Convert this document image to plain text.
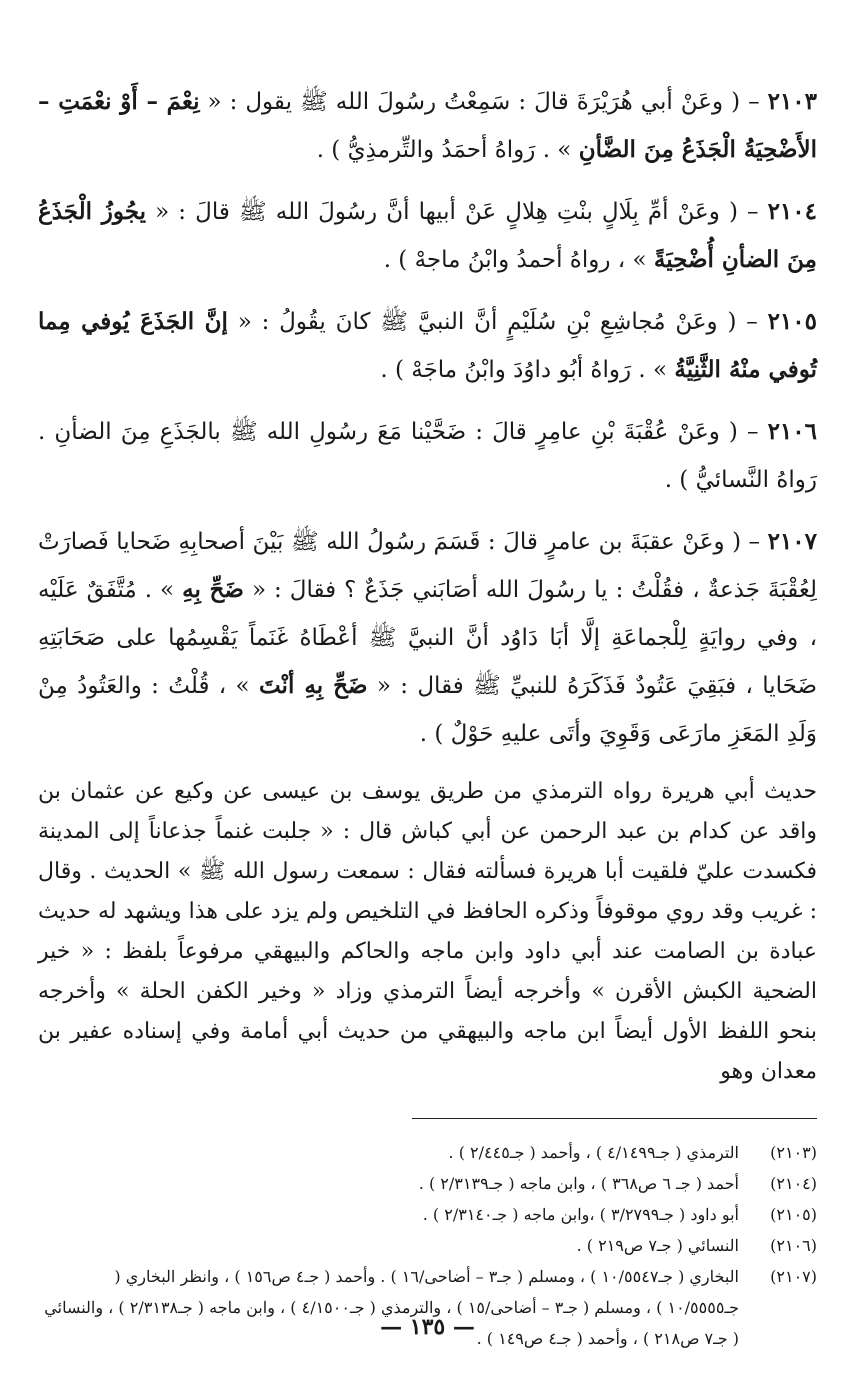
٢١٠٣ – ( وعَنْ أبي هُرَيْرَةَ قالَ : سَمِعْتُ رسُولَ الله ﷺ يقول : « نِعْمَ – أَوْ نعْمَتِ – الأَضْحِيَةُ الْجَذَعُ مِنَ الضَّأنِ » . رَواهُ أحمَدُ والتِّرمذِيُّ ) .

٢١٠٤ – ( وعَنْ أمِّ بِلَالٍ بنْتِ هِلالٍ عَنْ أبيها أنَّ رسُولَ الله ﷺ قالَ : « يجُوزُ الْجَذَعُ مِنَ الضأنِ أُضْحِيَةً » ، رواهُ أحمدُ وابْنُ ماجهْ ) .

٢١٠٥ – ( وعَنْ مُجاشِعِ بْنِ سُلَيْمٍ أنَّ النبيَّ ﷺ كانَ يقُولُ : « إنَّ الجَذَعَ يُوفي مِما تُوفي منْهُ الثَّنِيَّةُ » . رَواهُ أبُو داوُدَ وابْنُ ماجَهْ ) .

٢١٠٦ – ( وعَنْ عُقْبَةَ بْنِ عامِرٍ قالَ : ضَحَّيْنا مَعَ رسُولِ الله ﷺ بالجَذَعِ مِنَ الضأنِ . رَواهُ النَّسائيُّ ) .

٢١٠٧ – ( وعَنْ عقبَةَ بن عامرٍ قالَ : قَسَمَ رسُولُ الله ﷺ بَيْنَ أصحابِهِ ضَحايا فَصارَتْ لِعُقْبَةَ جَذعةٌ ، فقُلْتُ : يا رسُولَ الله أصَابَني جَذَعٌ ؟ فقالَ : « ضَحِّ بِهِ » . مُتَّفَقٌ عَلَيْه ، وفي روايَةٍ لِلْجماعَةِ إلَّا أبَا دَاوُد أنَّ النبيَّ ﷺ أعْطَاهُ غَنَماً يَقْسِمُها على صَحَابَتِهِ ضَحَايا ، فبَقِيَ عَتُودٌ فَذَكَرَهُ للنبيِّ ﷺ فقال : « ضَحِّ بِهِ أنْتَ » ، قُلْتُ : والعَتُودُ مِنْ وَلَدِ المَعَزِ مارَعَى وَقَوِيَ وأتَى عليهِ حَوْلٌ ) .

حديث أبي هريرة رواه الترمذي من طريق يوسف بن عيسى عن وكيع عن عثمان بن واقد عن كدام بن عبد الرحمن عن أبي كباش قال : « جلبت غنماً جذعاناً إلى المدينة فكسدت عليّ فلقيت أبا هريرة فسألته فقال : سمعت رسول الله ﷺ » الحديث . وقال : غريب وقد روي موقوفاً وذكره الحافظ في التلخيص ولم يزد على هذا ويشهد له حديث عبادة بن الصامت عند أبي داود وابن ماجه والحاكم والبيهقي مرفوعاً بلفظ : « خير الضحية الكبش الأقرن » وأخرجه أيضاً الترمذي وزاد « وخير الكفن الحلة » وأخرجه بنحو اللفظ الأول أيضاً ابن ماجه والبيهقي من حديث أبي أمامة وفي إسناده عفير بن معدان وهو
(٢١٠٣)
الترمذي ( جـ٤/١٤٩٩ ) ، وأحمد ( جـ٢/٤٤٥ ) .
(٢١٠٤)
أحمد ( جـ ٦ ص٣٦٨ ) ، وابن ماجه ( جـ٢/٣١٣٩ ) .
(٢١٠٥)
أبو داود ( جـ٣/٢٧٩٩ ) ،وابن ماجه ( جـ٢/٣١٤٠ ) .
(٢١٠٦)
النسائي ( جـ٧ ص٢١٩ ) .
(٢١٠٧)
البخاري ( جـ١٠/٥٥٤٧ ) ، ومسلم ( جـ٣ – أضاحى/١٦ ) . وأحمد ( جـ٤ ص١٥٦ ) ، وانظر البخاري ( جـ١٠/٥٥٥٥ ) ، ومسلم ( جـ٣ – أضاحى/١٥ ) ، والترمذي ( جـ٤/١٥٠٠ ) ، وابن ماجه ( جـ٢/٣١٣٨ ) ، والنسائي ( جـ٧ ص٢١٨ ) ، وأحمد ( جـ٤ ص١٤٩ ) .
— ١٣٥ —
